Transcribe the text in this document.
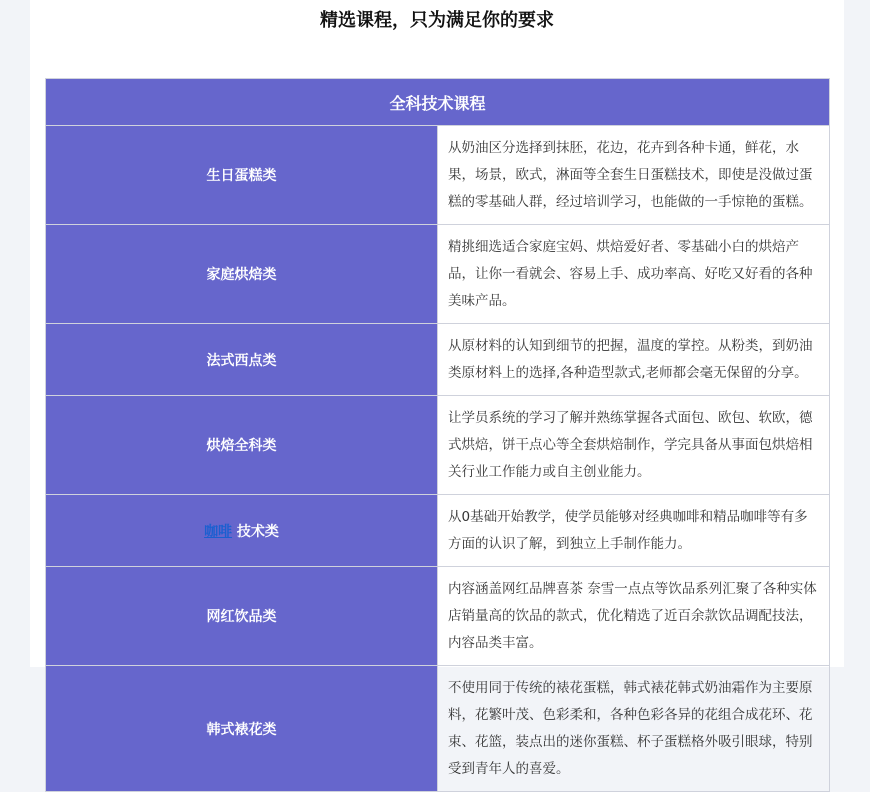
精选课程，只为满足你的要求
全科技术课程	
生日蛋糕类	从奶油区分选择到抹胚，花边，花卉到各种卡通，鲜花，水果，场景，欧式，淋面等全套生日蛋糕技术，即使是没做过蛋糕的零基础人群，经过培训学习，也能做的一手惊艳的蛋糕。
家庭烘焙类	精挑细选适合家庭宝妈、烘焙爱好者、零基础小白的烘焙产品，让你一看就会、容易上手、成功率高、好吃又好看的各种美味产品。
法式西点类	从原材料的认知到细节的把握，温度的掌控。从粉类，到奶油类原材料上的选择,各种造型款式,老师都会毫无保留的分享。
烘焙全科类	让学员系统的学习了解并熟练掌握各式面包、欧包、软欧，德式烘焙，饼干点心等全套烘焙制作，学完具备从事面包烘焙相关行业工作能力或自主创业能力。
咖啡 技术类	从0基础开始教学，使学员能够对经典咖啡和精品咖啡等有多方面的认识了解，到独立上手制作能力。
网红饮品类	内容涵盖网红品牌喜茶 奈雪一点点等饮品系列汇聚了各种实体店销量高的饮品的款式，优化精选了近百余款饮品调配技法，内容品类丰富。
韩式裱花类	不使用同于传统的裱花蛋糕，韩式裱花韩式奶油霜作为主要原料，花繁叶茂、色彩柔和，各种色彩各异的花组合成花环、花束、花篮，装点出的迷你蛋糕、杯子蛋糕格外吸引眼球，特别受到青年人的喜爱。
